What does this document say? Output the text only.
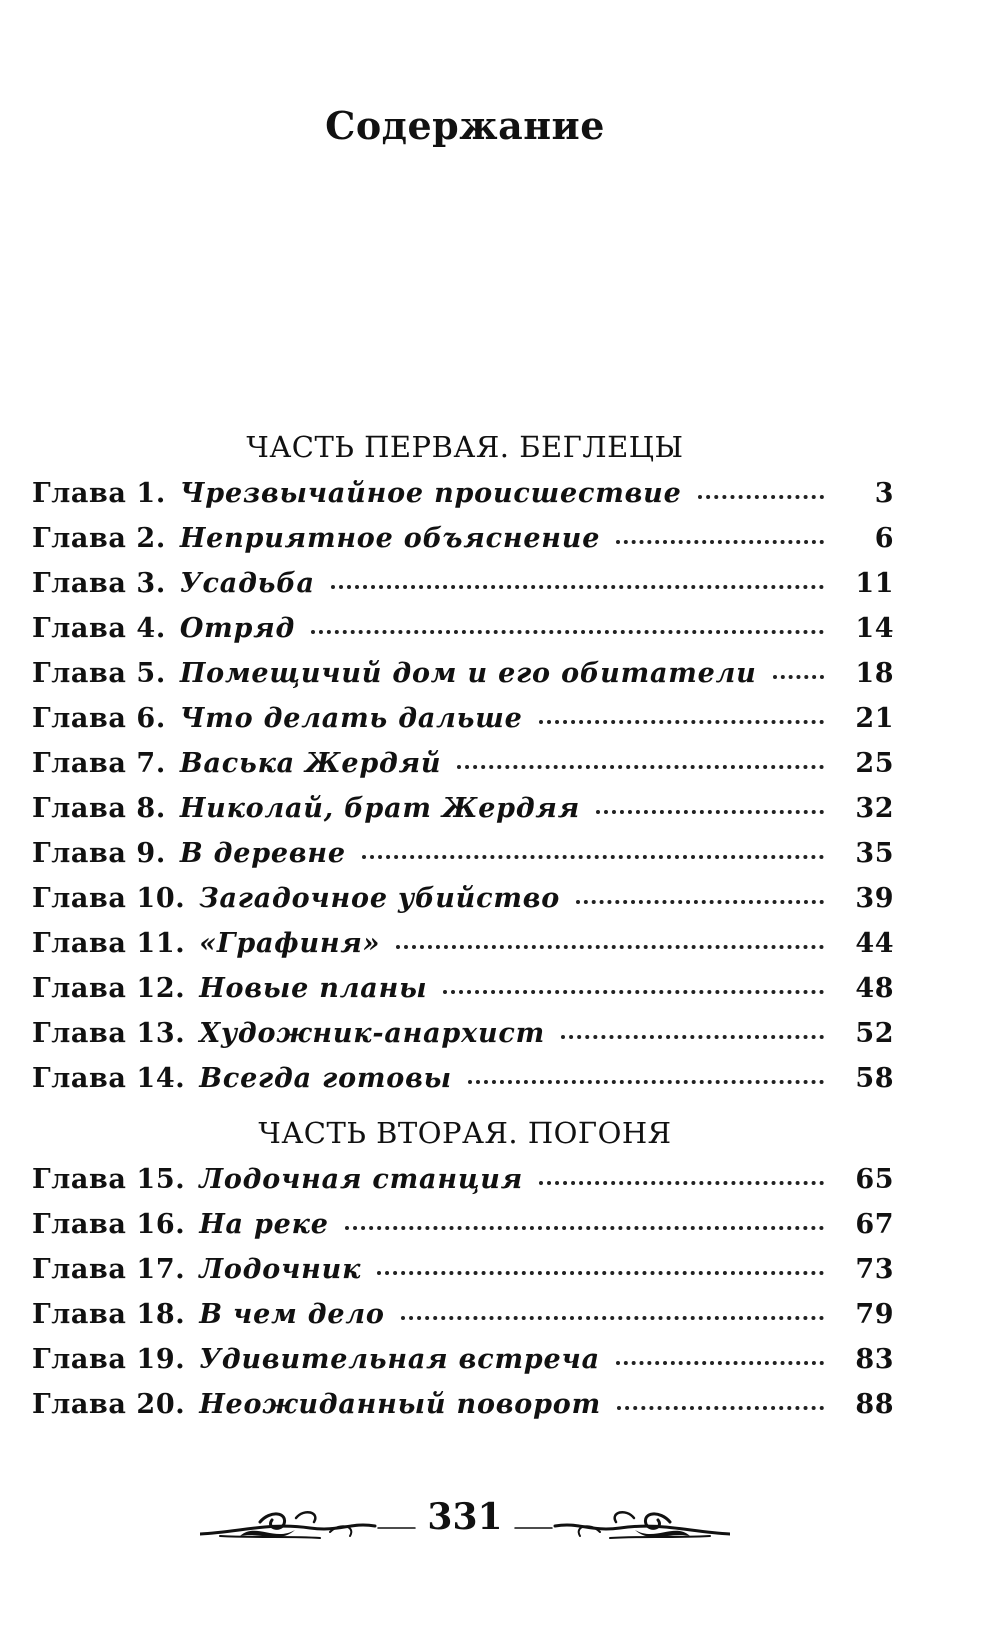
Содержание
ЧАСТЬ ПЕРВАЯ. БЕГЛЕЦЫ
Глава 1. Чрезвычайное происшествие	3
Глава 2. Неприятное объяснение	6
Глава 3. Усадьба	11
Глава 4. Отряд	14
Глава 5. Помещичий дом и его обитатели	18
Глава 6. Что делать дальше	21
Глава 7. Васька Жердяй	25
Глава 8. Николай, брат Жердяя	32
Глава 9. В деревне	35
Глава 10. Загадочное убийство	39
Глава 11. «Графиня»	44
Глава 12. Новые планы	48
Глава 13. Художник-анархист	52
Глава 14. Всегда готовы	58
ЧАСТЬ ВТОРАЯ. ПОГОНЯ
Глава 15. Лодочная станция	65
Глава 16. На реке	67
Глава 17. Лодочник	73
Глава 18. В чем дело	79
Глава 19. Удивительная встреча	83
Глава 20. Неожиданный поворот	88
331
